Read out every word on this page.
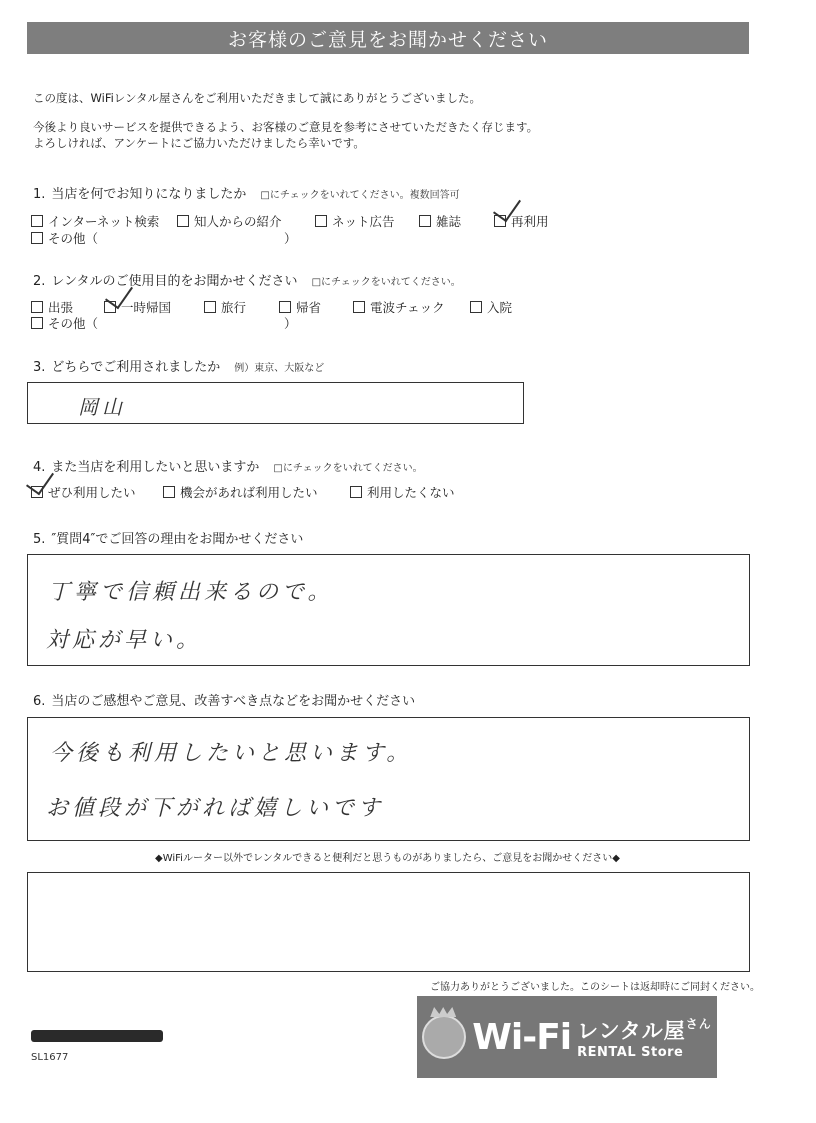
お客様のご意見をお聞かせください
この度は、WiFiレンタル屋さんをご利用いただきまして誠にありがとうございました。
今後より良いサービスを提供できるよう、お客様のご意見を参考にさせていただきたく存じます。
よろしければ、アンケートにご協力いただけましたら幸いです。
1. 当店を何でお知りになりましたか □にチェックをいれてください。複数回答可
インターネット検索	知人からの紹介	ネット広告	雑誌	再利用
その他（	）
2. レンタルのご使用目的をお聞かせください □にチェックをいれてください。
出張	一時帰国	旅行	帰省	電波チェック	入院
その他（	）
3. どちらでご利用されましたか 例）東京、大阪など
岡山
4. また当店を利用したいと思いますか □にチェックをいれてください。
ぜひ利用したい	機会があれば利用したい	利用したくない
5. ″質問4″でご回答の理由をお聞かせください
丁寧で信頼出来るので。
対応が早い。
6. 当店のご感想やご意見、改善すべき点などをお聞かせください
今後も利用したいと思います。
お値段が下がれば嬉しいです
◆WiFiルーター以外でレンタルできると便利だと思うものがありましたら、ご意見をお聞かせください◆
ご協力ありがとうございました。このシートは返却時にご同封ください。
Wi-Fi レンタル屋$^{さん}$
RENTAL Store
SL1677
